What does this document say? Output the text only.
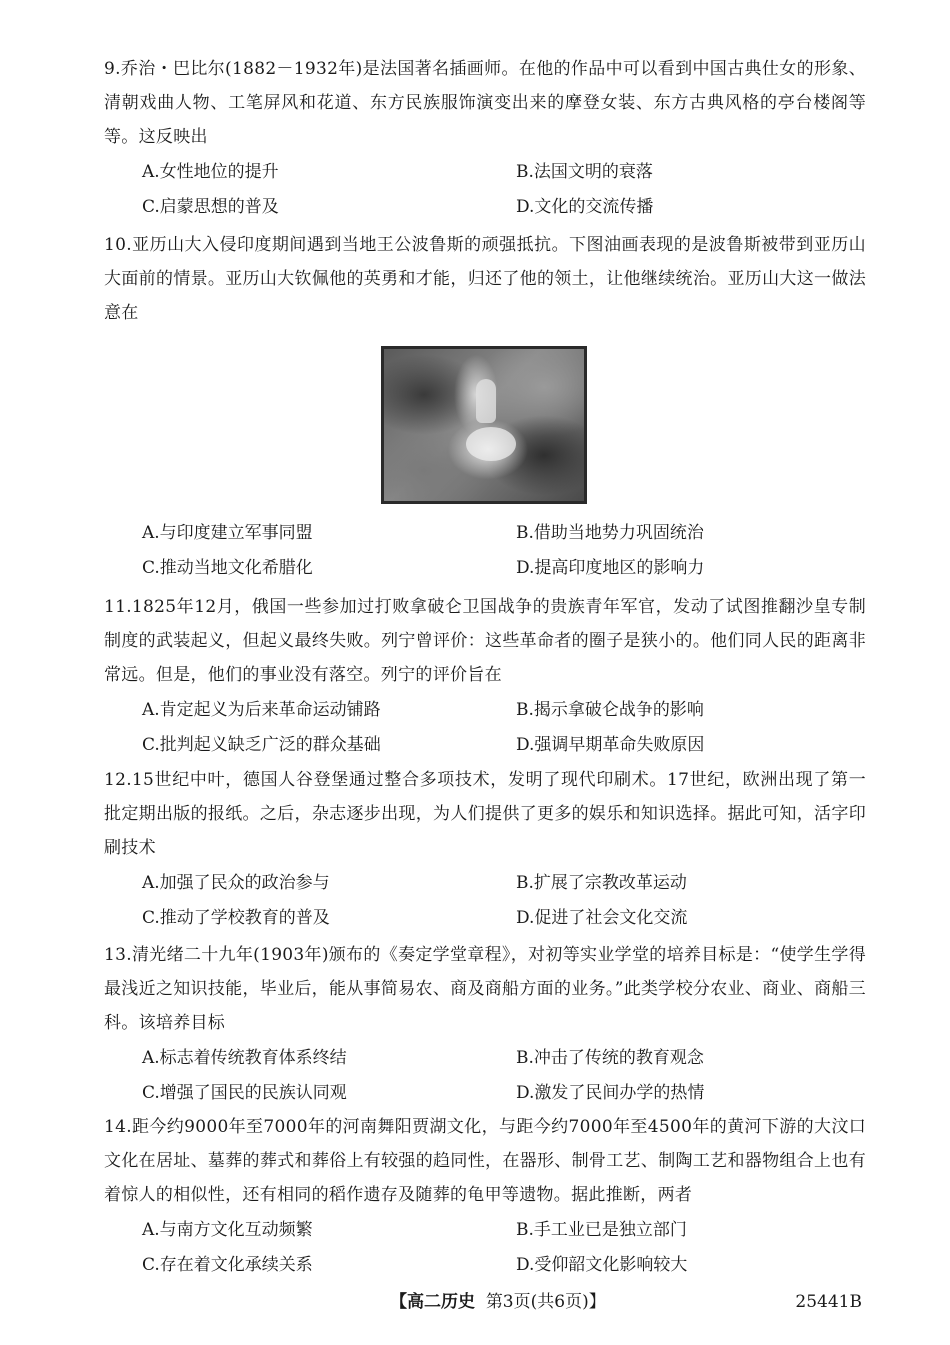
9.乔治・巴比尔(1882－1932年)是法国著名插画师。在他的作品中可以看到中国古典仕女的形象、清朝戏曲人物、工笔屏风和花道、东方民族服饰演变出来的摩登女装、东方古典风格的亭台楼阁等等。这反映出
A.女性地位的提升	B.法国文明的衰落
C.启蒙思想的普及	D.文化的交流传播
10.亚历山大入侵印度期间遇到当地王公波鲁斯的顽强抵抗。下图油画表现的是波鲁斯被带到亚历山大面前的情景。亚历山大钦佩他的英勇和才能，归还了他的领土，让他继续统治。亚历山大这一做法意在
A.与印度建立军事同盟	B.借助当地势力巩固统治
C.推动当地文化希腊化	D.提高印度地区的影响力
11.1825年12月，俄国一些参加过打败拿破仑卫国战争的贵族青年军官，发动了试图推翻沙皇专制制度的武装起义，但起义最终失败。列宁曾评价：这些革命者的圈子是狭小的。他们同人民的距离非常远。但是，他们的事业没有落空。列宁的评价旨在
A.肯定起义为后来革命运动铺路	B.揭示拿破仑战争的影响
C.批判起义缺乏广泛的群众基础	D.强调早期革命失败原因
12.15世纪中叶，德国人谷登堡通过整合多项技术，发明了现代印刷术。17世纪，欧洲出现了第一批定期出版的报纸。之后，杂志逐步出现，为人们提供了更多的娱乐和知识选择。据此可知，活字印刷技术
A.加强了民众的政治参与	B.扩展了宗教改革运动
C.推动了学校教育的普及	D.促进了社会文化交流
13.清光绪二十九年(1903年)颁布的《奏定学堂章程》，对初等实业学堂的培养目标是：“使学生学得最浅近之知识技能，毕业后，能从事简易农、商及商船方面的业务。”此类学校分农业、商业、商船三科。该培养目标
A.标志着传统教育体系终结	B.冲击了传统的教育观念
C.增强了国民的民族认同观	D.激发了民间办学的热情
14.距今约9000年至7000年的河南舞阳贾湖文化，与距今约7000年至4500年的黄河下游的大汶口文化在居址、墓葬的葬式和葬俗上有较强的趋同性，在器形、制骨工艺、制陶工艺和器物组合上也有着惊人的相似性，还有相同的稻作遗存及随葬的龟甲等遗物。据此推断，两者
A.与南方文化互动频繁	B.手工业已是独立部门
C.存在着文化承续关系	D.受仰韶文化影响较大
【高二历史 第3页(共6页)】	25441B
